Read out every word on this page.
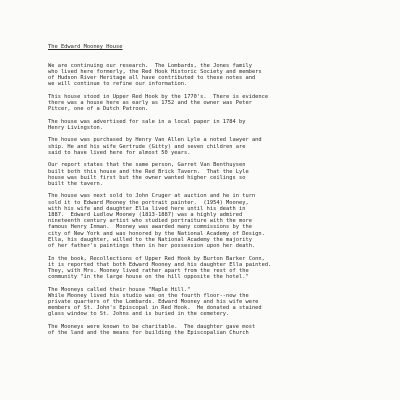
The Edward Mooney House
We are continuing our research.  The Lombards, the Jones family
who lived here formerly, the Red Hook Historic Society and members
of Hudson River Heritage all have contributed to these notes and
we will continue to refine our information.
This house stood in Upper Red Hook by the 1770's.  There is evidence
there was a house here as early as 1752 and the owner was Peter
Pitcer, one of a Dutch Patroon.
The house was advertised for sale in a local paper in 1784 by
Henry Livingston.
The house was purchased by Henry Van Allen Lyle a noted lawyer and
ship. He and his wife Gertrude (Gitty) and seven children are
said to have lived here for almost 50 years.
Our report states that the same person, Garret Van Benthuysen
built both this house and the Red Brick Tavern.  That the Lyle
house was built first but the owner wanted higher ceilings so
built the tavern.
The house was next sold to John Cruger at auction and he in turn
sold it to Edward Mooney the portrait painter.  (1954) Mooney,
with his wife and daughter Ella lived here until his death in
1887.  Edward Ludlow Mooney (1813-1887) was a highly admired
nineteenth century artist who studied portraiture with the more
famous Henry Inman.  Mooney was awarded many commissions by the
city of New York and was honored by the National Academy of Design.
Ella, his daughter, willed to the National Academy the majority
of her father's paintings then in her possession upon her death.
In the book, Recollections of Upper Red Hook by Burton Barker Conn,
it is reported that both Edward Mooney and his daughter Ella painted.
They, with Mrs. Mooney lived rather apart from the rest of the
community "in the large house on the hill opposite the hotel."
The Mooneys called their house "Maple Hill."
While Mooney lived his studio was on the fourth floor--now the
private quarters of the Lombards. Edward Mooney and his wife were
members of St. John's Episcopal in Red Hook.  He donated a stained
glass window to St. Johns and is buried in the cemetery.

The Mooneys were known to be charitable.  The daughter gave most
of the land and the means for building the Episcopalian Church
